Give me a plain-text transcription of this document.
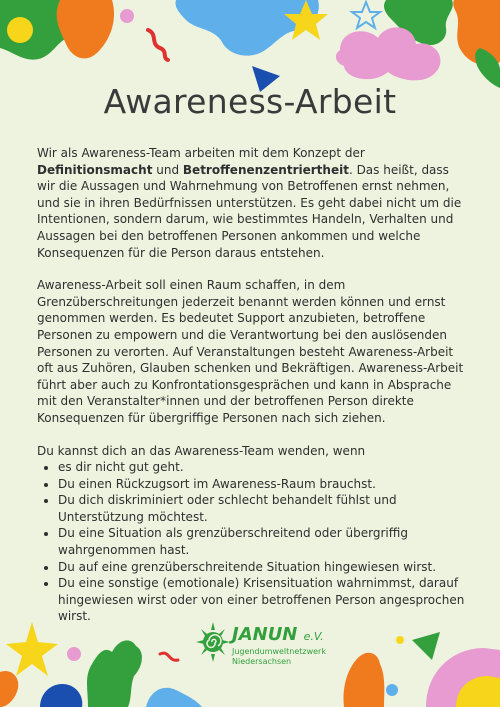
Awareness-Arbeit

Wir als Awareness-Team arbeiten mit dem Konzept der Definitionsmacht und Betroffenenzentriertheit. Das heißt, dass wir die Aussagen und Wahrnehmung von Betroffenen ernst nehmen, und sie in ihren Bedürfnissen unterstützen. Es geht dabei nicht um die Intentionen, sondern darum, wie bestimmtes Handeln, Verhalten und Aussagen bei den betroffenen Personen ankommen und welche Konsequenzen für die Person daraus entstehen.

Awareness-Arbeit soll einen Raum schaffen, in dem Grenzüberschreitungen jederzeit benannt werden können und ernst genommen werden. Es bedeutet Support anzubieten, betroffene Personen zu empowern und die Verantwortung bei den auslösenden Personen zu verorten. Auf Veranstaltungen besteht Awareness-Arbeit oft aus Zuhören, Glauben schenken und Bekräftigen. Awareness-Arbeit führt aber auch zu Konfrontationsgesprächen und kann in Absprache mit den Veranstalter*innen und der betroffenen Person direkte Konsequenzen für übergriffige Personen nach sich ziehen.

Du kannst dich an das Awareness-Team wenden, wenn
• es dir nicht gut geht.
• Du einen Rückzugsort im Awareness-Raum brauchst.
• Du dich diskriminiert oder schlecht behandelt fühlst und Unterstützung möchtest.
• Du eine Situation als grenzüberschreitend oder übergriffig wahrgenommen hast.
• Du auf eine grenzüberschreitende Situation hingewiesen wirst.
• Du eine sonstige (emotionale) Krisensituation wahrnimmst, darauf hingewiesen wirst oder von einer betroffenen Person angesprochen wirst.
JANUN e.V.
Jugendumweltnetzwerk
Niedersachsen
